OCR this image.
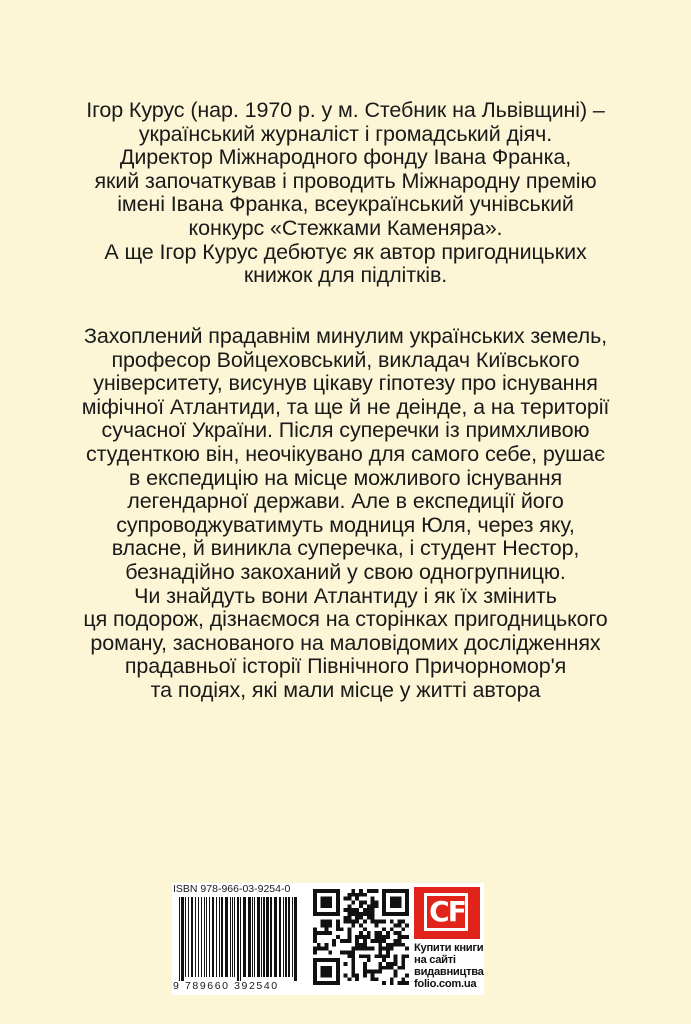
Ігор Курус (нар. 1970 р. у м. Стебник на Львівщині) –
український журналіст і громадський діяч.
Директор Міжнародного фонду Івана Франка,
який започаткував і проводить Міжнародну премію
імені Івана Франка, всеукраїнський учнівський
конкурс «Стежками Каменяра».
А ще Ігор Курус дебютує як автор пригодницьких
книжок для підлітків.
Захоплений прадавнім минулим українських земель,
професор Войцеховський, викладач Київського
університету, висунув цікаву гіпотезу про існування
міфічної Атлантиди, та ще й не деінде, а на території
сучасної України. Після суперечки із примхливою
студенткою він, неочікувано для самого себе, рушає
в експедицію на місце можливого існування
легендарної держави. Але в експедиції його
супроводжуватимуть модниця Юля, через яку,
власне, й виникла суперечка, і студент Нестор,
безнадійно закоханий у свою одногрупницю.
Чи знайдуть вони Атлантиду і як їх змінить
ця подорож, дізнаємося на сторінках пригодницького
роману, заснованого на маловідомих дослідженнях
прадавньої історії Північного Причорномор'я
та подіях, які мали місце у житті автора
ISBN 978-966-03-9254-0
9 789660 392540
CF
Купити книги
на сайті
видавництва
folio.com.ua
